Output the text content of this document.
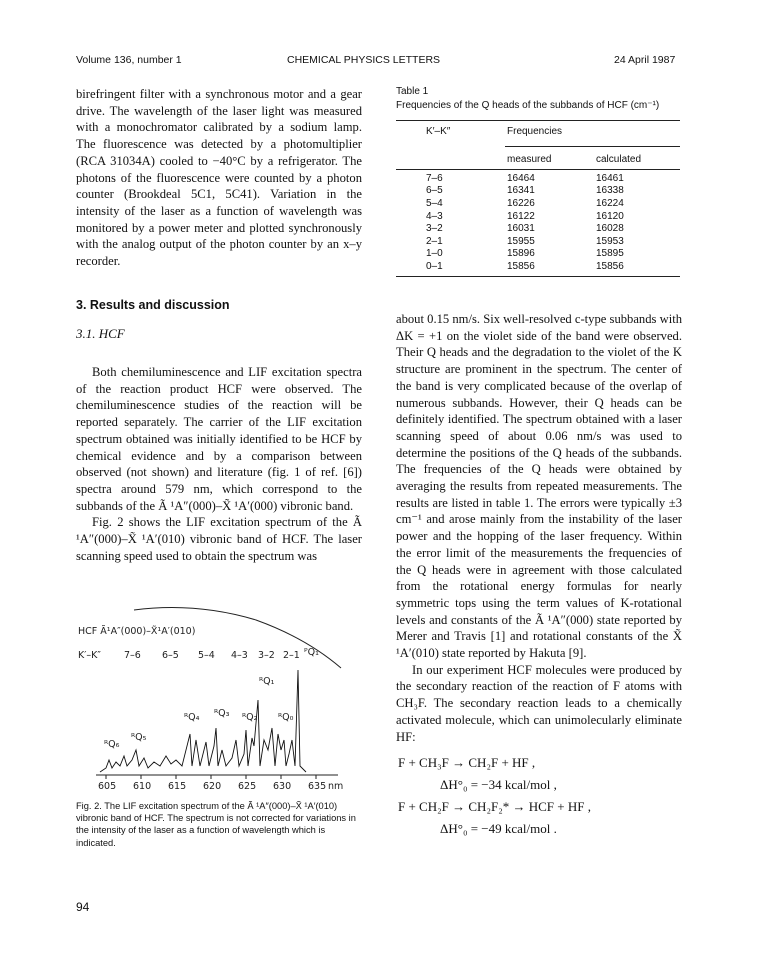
Volume 136, number 1	CHEMICAL PHYSICS LETTERS	24 April 1987

birefringent filter with a synchronous motor and a gear drive. The wavelength of the laser light was measured with a monochromator calibrated by a sodium lamp. The fluorescence was detected by a photomultiplier (RCA 31034A) cooled to −40°C by a refrigerator. The photons of the fluorescence were counted by a photon counter (Brookdeal 5C1, 5C41). Variation in the intensity of the laser as a function of wavelength was monitored by a power meter and plotted synchronously with the analog output of the photon counter by an x–y recorder.

3. Results and discussion
3.1. HCF

Both chemiluminescence and LIF excitation spectra of the reaction product HCF were observed. The chemiluminescence studies of the reaction will be reported separately. The carrier of the LIF excitation spectrum obtained was initially identified to be HCF by chemical evidence and by a comparison between observed (not shown) and literature (fig. 1 of ref. [6]) spectra around 579 nm, which correspond to the subbands of the Ã ¹A″(000)–X̃ ¹A′(000) vibronic band.

Fig. 2 shows the LIF excitation spectrum of the Ã ¹A″(000)–X̃ ¹A′(010) vibronic band of HCF. The laser scanning speed used to obtain the spectrum was

HCF Ã¹A″(000)–X̃¹A′(010)
K′–K″ 7–6 6–5 5–4 4–3 3–2 2–1 ᴾQ₁
ᴿQ₁
ᴿQ₀
ᴿQ₂
ᴿQ₃
ᴿQ₄
ᴿQ₅
ᴿQ₆
605 610 615 620 625 630 635 nm
Fig. 2. The LIF excitation spectrum of the Ã ¹A″(000)–X̃ ¹A′(010) vibronic band of HCF. The spectrum is not corrected for variations in the intensity of the laser as a function of wavelength which is indicated.
Table 1
Frequencies of the Q heads of the subbands of HCF (cm⁻¹)
K′–K″	Frequencies
measured	calculated
7–6	16464	16461
6–5	16341	16338
5–4	16226	16224
4–3	16122	16120
3–2	16031	16028
2–1	15955	15953
1–0	15896	15895
0–1	15856	15856

about 0.15 nm/s. Six well-resolved c-type subbands with ΔK = +1 on the violet side of the band were observed. Their Q heads and the degradation to the violet of the K structure are prominent in the spectrum. The center of the band is very complicated because of the overlap of numerous subbands. However, their Q heads can be definitely identified. The spectrum obtained with a laser scanning speed of about 0.06 nm/s was used to determine the positions of the Q heads of the subbands. The frequencies of the Q heads were obtained by averaging the results from repeated measurements. The results are listed in table 1. The errors were typically ±3 cm⁻¹ and arose mainly from the instability of the laser power and the hopping of the laser frequency. Within the error limit of the measurements the frequencies of the Q heads were in agreement with those calculated from the rotational energy formulas for nearly symmetric tops using the term values of K-rotational levels and constants of the Ã ¹A″(000) state reported by Merer and Travis [1] and rotational constants of the X̃ ¹A′(010) state reported by Hakuta [9].

In our experiment HCF molecules were produced by the secondary reaction of the reaction of F atoms with CH₃F. The secondary reaction leads to a chemically activated molecule, which can unimolecularly eliminate HF:

F + CH₃F → CH₂F + HF ,
ΔH°₀ = −34 kcal/mol ,
F + CH₂F → CH₂F₂* → HCF + HF ,
ΔH°₀ = −49 kcal/mol .
94
